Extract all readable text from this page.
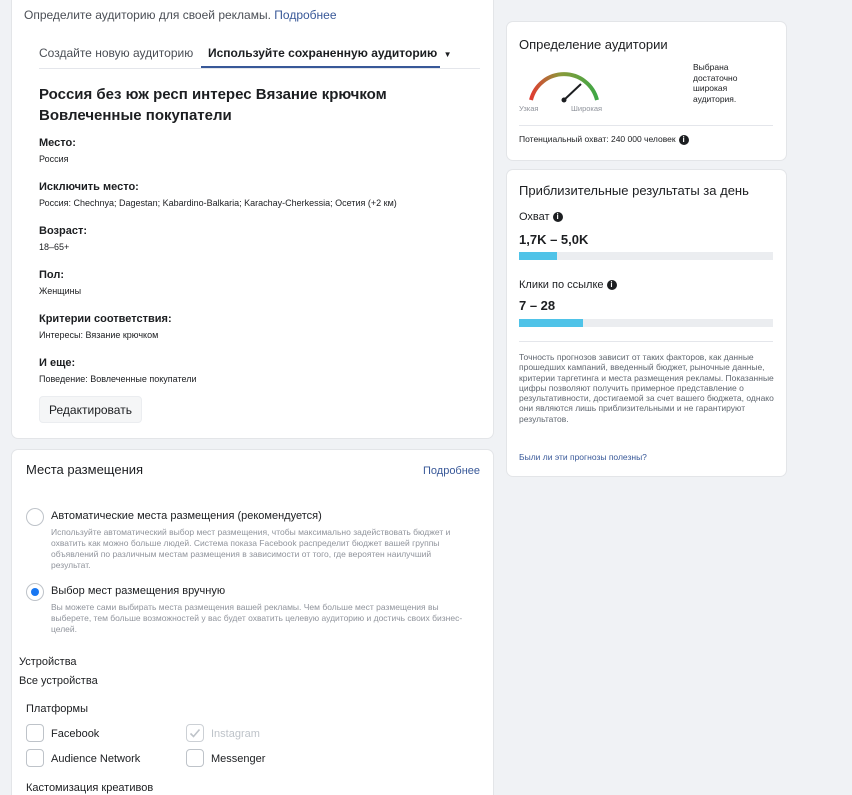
Определите аудиторию для своей рекламы. Подробнее
Создайте новую аудиторию Используйте сохраненную аудиторию ▼
Россия без юж респ интерес Вязание крючком Вовлеченные покупатели
Место:
Россия
Исключить место:
Россия: Chechnya; Dagestan; Kabardino-Balkaria; Karachay-Cherkessia; Осетия (+2 км)
Возраст:
18–65+
Пол:
Женщины
Критерии соответствия:
Интересы: Вязание крючком
И еще:
Поведение: Вовлеченные покупатели
Редактировать
Места размещения	Подробнее
Автоматические места размещения (рекомендуется)
Используйте автоматический выбор мест размещения, чтобы максимально задействовать бюджет и охватить как можно больше людей. Система показа Facebook распределит бюджет вашей группы объявлений по различным местам размещения в зависимости от того, где вероятен наилучший результат.
Выбор мест размещения вручную
Вы можете сами выбирать места размещения вашей рекламы. Чем больше мест размещения вы выберете, тем больше возможностей у вас будет охватить целевую аудиторию и достичь своих бизнес-целей.
Устройства
Все устройства
Платформы
Facebook	Instagram
Audience Network	Messenger
Кастомизация креативов
Определение аудитории
Узкая	Широкая
Выбрана достаточно широкая аудитория.
Потенциальный охват: 240 000 человек i
Приблизительные результаты за день
Охват i
1,7K – 5,0K
Клики по ссылке i
7 – 28
Точность прогнозов зависит от таких факторов, как данные прошедших кампаний, введенный бюджет, рыночные данные, критерии таргетинга и места размещения рекламы. Показанные цифры позволяют получить примерное представление о результативности, достигаемой за счет вашего бюджета, однако они являются лишь приблизительными и не гарантируют результатов.
Были ли эти прогнозы полезны?
